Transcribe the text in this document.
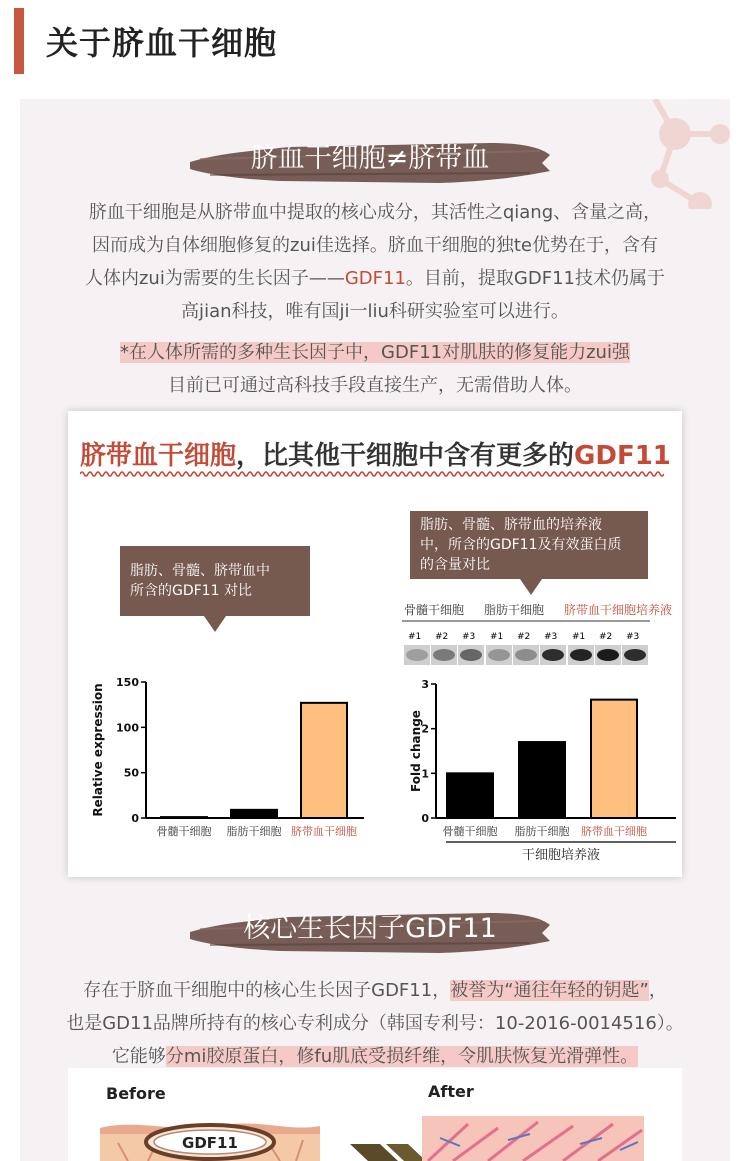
关于脐血干细胞
脐血干细胞≠脐带血
脐血干细胞是从脐带血中提取的核心成分，其活性之qiang、含量之高，
因而成为自体细胞修复的zui佳选择。脐血干细胞的独te优势在于，含有
人体内zui为需要的生长因子——GDF11。目前，提取GDF11技术仍属于
高jian科技，唯有国ji一liu科研实验室可以进行。
*在人体所需的多种生长因子中，GDF11对肌肤的修复能力zui强
目前已可通过高科技手段直接生产，无需借助人体。
脐带血干细胞，比其他干细胞中含有更多的GDF11
脂肪、骨髓、脐带血中
所含的GDF11 对比
脂肪、骨髓、脐带血的培养液
中，所含的GDF11及有效蛋白质
的含量对比
骨髓干细胞 脂肪干细胞 脐带血干细胞培养液
#1 #2 #3 #1 #2 #3 #1 #2 #3
0
50
100
150
Relative expression
骨髓干细胞 脂肪干细胞 脐带血干细胞
0
1
2
3
Fold change
骨髓干细胞 脂肪干细胞 脐带血干细胞
干细胞培养液
核心生长因子GDF11
存在于脐血干细胞中的核心生长因子GDF11，被誉为“通往年轻的钥匙”，
也是GD11品牌所持有的核心专利成分（韩国专利号：10-2016-0014516）。
它能够分mi胶原蛋白，修fu肌底受损纤维，令肌肤恢复光滑弹性。
Before	After
GDF11
